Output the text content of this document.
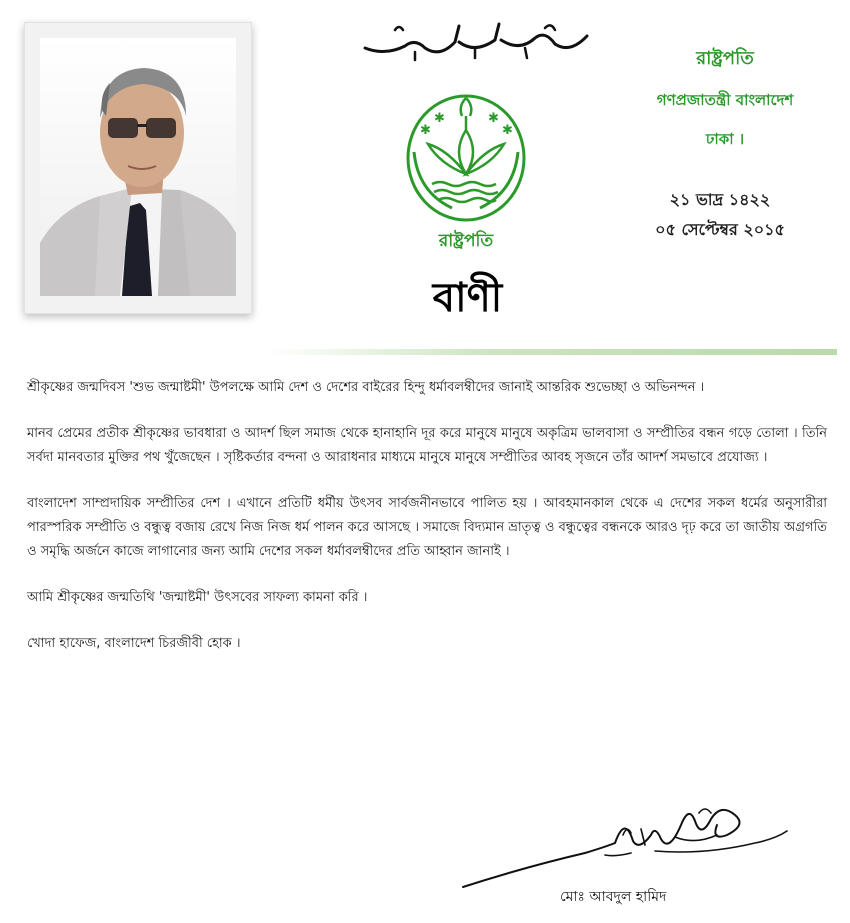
بِسْمِ اللهِ الرَّحْمٰنِ الرَّحِيْمِ
✱
✱	✱
✱
রাষ্ট্রপতি
বাণী
রাষ্ট্রপতি
গণপ্রজাতন্ত্রী বাংলাদেশ
ঢাকা ।
২১ ভাদ্র ১৪২২
০৫ সেপ্টেম্বর ২০১৫

শ্রীকৃষ্ণের জন্মদিবস 'শুভ জন্মাষ্টমী' উপলক্ষে আমি দেশ ও দেশের বাইরের হিন্দু ধর্মাবলম্বীদের জানাই আন্তরিক শুভেচ্ছা ও অভিনন্দন ।

মানব প্রেমের প্রতীক শ্রীকৃষ্ণের ভাবধারা ও আদর্শ ছিল সমাজ থেকে হানাহানি দূর করে মানুষে মানুষে অকৃত্রিম ভালবাসা ও সম্প্রীতির বন্ধন গড়ে তোলা । তিনি সর্বদা মানবতার মুক্তির পথ খুঁজেছেন । সৃষ্টিকর্তার বন্দনা ও আরাধনার মাধ্যমে মানুষে মানুষে সম্প্রীতির আবহ সৃজনে তাঁর আদর্শ সমভাবে প্রযোজ্য ।

বাংলাদেশ সাম্প্রদায়িক সম্প্রীতির দেশ । এখানে প্রতিটি ধর্মীয় উৎসব সার্বজনীনভাবে পালিত হয় । আবহমানকাল থেকে এ দেশের সকল ধর্মের অনুসারীরা পারস্পরিক সম্প্রীতি ও বন্ধুত্ব বজায় রেখে নিজ নিজ ধর্ম পালন করে আসছে । সমাজে বিদ্যমান ভ্রাতৃত্ব ও বন্ধুত্বের বন্ধনকে আরও দৃঢ় করে তা জাতীয় অগ্রগতি ও সমৃদ্ধি অর্জনে কাজে লাগানোর জন্য আমি দেশের সকল ধর্মাবলম্বীদের প্রতি আহ্বান জানাই ।

আমি শ্রীকৃষ্ণের জন্মতিথি 'জন্মাষ্টমী' উৎসবের সাফল্য কামনা করি ।

খোদা হাফেজ, বাংলাদেশ চিরজীবী হোক ।

মোঃ আবদুল হামিদ
